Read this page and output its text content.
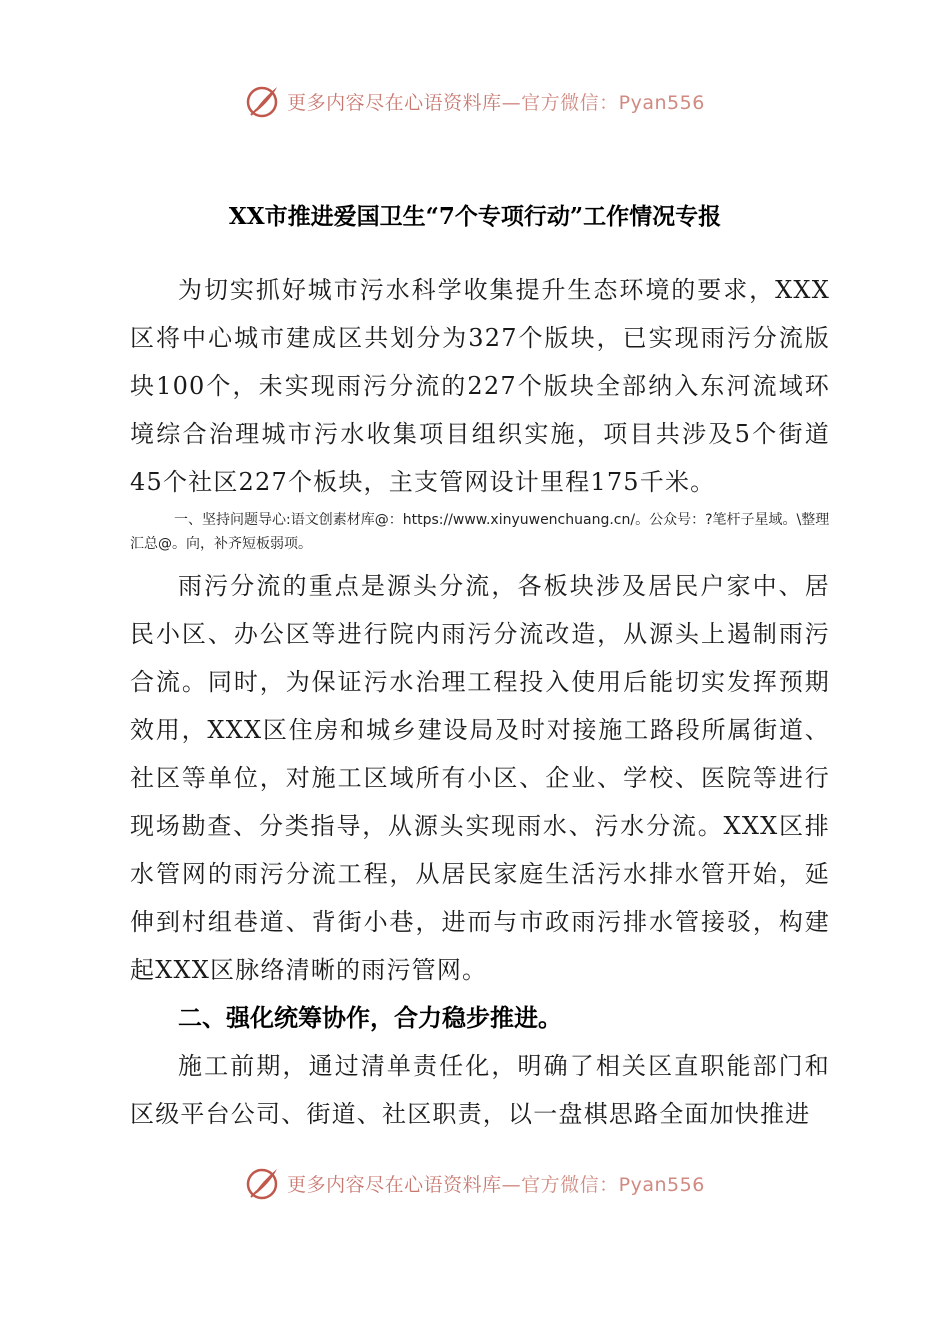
更多内容尽在心语资料库—官方微信：Pyan556
XX市推进爱国卫生“7个专项行动”工作情况专报

为切实抓好城市污水科学收集提升生态环境的要求，XXX区将中心城市建成区共划分为327个版块，已实现雨污分流版块100个，未实现雨污分流的227个版块全部纳入东河流域环境综合治理城市污水收集项目组织实施，项目共涉及5个街道45个社区227个板块，主支管网设计里程175千米。

一、坚持问题导心:语文创素材库@：https://www.xinyuwenchuang.cn/。公众号：?笔杆子星域。\整理汇总@。向，补齐短板弱项。

雨污分流的重点是源头分流，各板块涉及居民户家中、居民小区、办公区等进行院内雨污分流改造，从源头上遏制雨污合流。同时，为保证污水治理工程投入使用后能切实发挥预期效用，XXX区住房和城乡建设局及时对接施工路段所属街道、社区等单位，对施工区域所有小区、企业、学校、医院等进行现场勘查、分类指导，从源头实现雨水、污水分流。XXX区排水管网的雨污分流工程，从居民家庭生活污水排水管开始，延伸到村组巷道、背街小巷，进而与市政雨污排水管接驳，构建起XXX区脉络清晰的雨污管网。

二、强化统筹协作，合力稳步推进。

施工前期，通过清单责任化，明确了相关区直职能部门和区级平台公司、街道、社区职责，以一盘棋思路全面加快推进

更多内容尽在心语资料库—官方微信：Pyan556
